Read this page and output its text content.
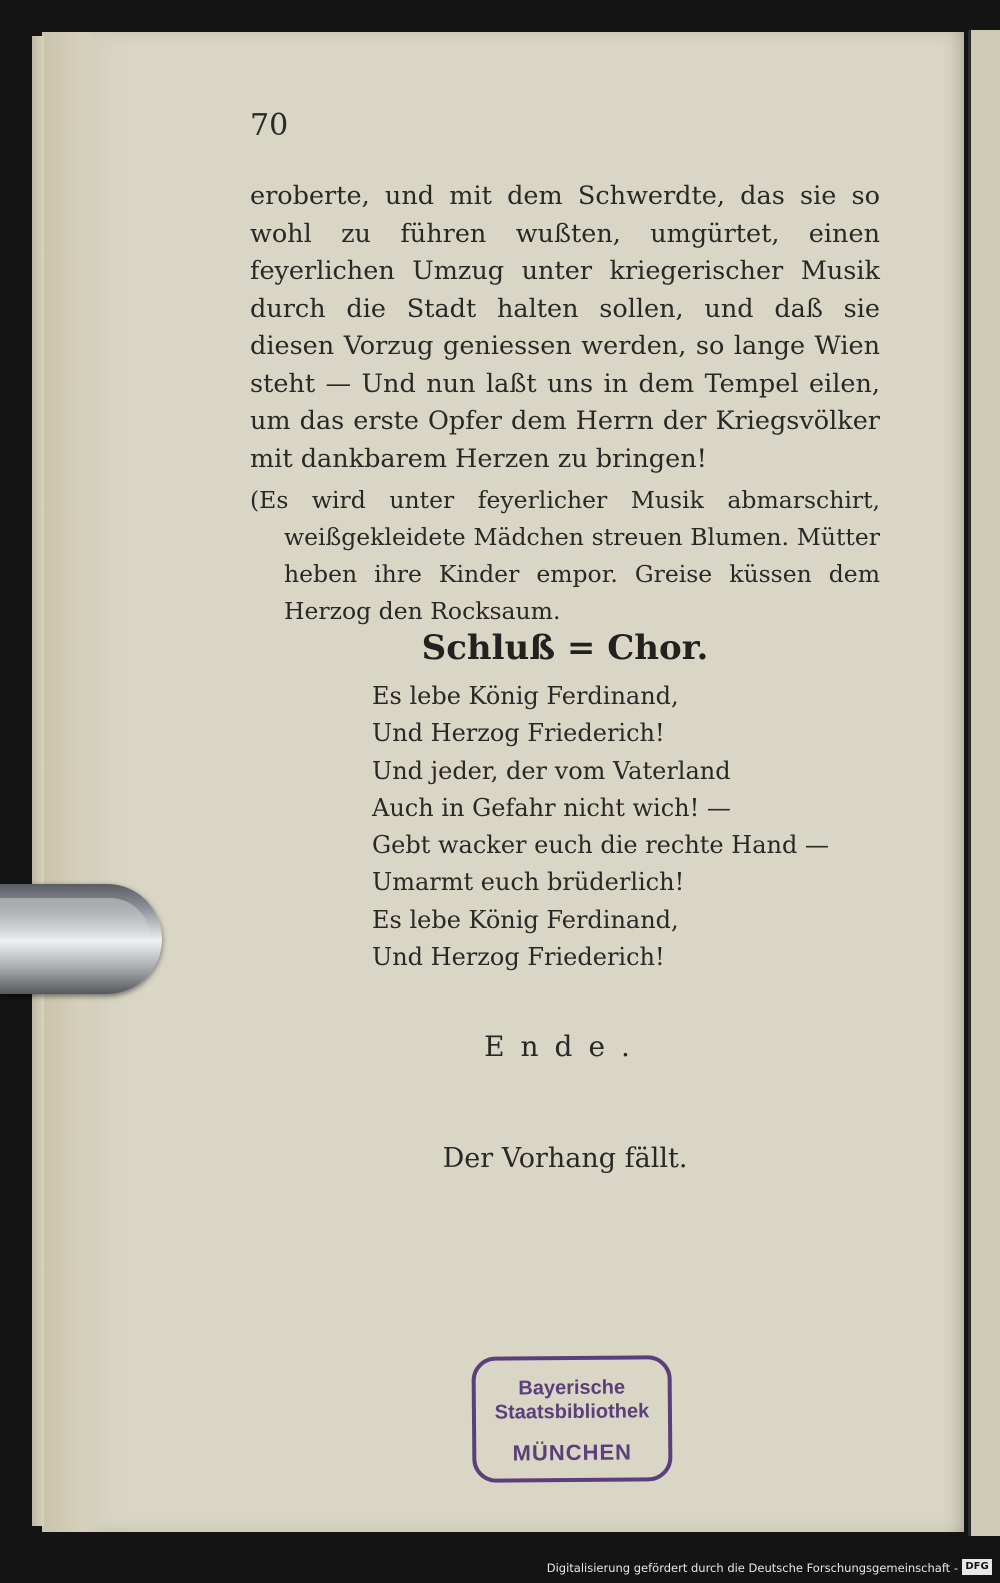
70
eroberte, und mit dem Schwerdte, das sie so wohl zu führen wußten, umgürtet, einen feyerlichen Umzug unter kriegerischer Musik durch die Stadt halten sollen, und daß sie diesen Vorzug geniessen werden, so lange Wien steht — Und nun laßt uns in dem Tempel eilen, um das erste Opfer dem Herrn der Kriegsvölker mit dankbarem Herzen zu bringen!
(Es wird unter feyerlicher Musik abmarschirt, weißgekleidete Mädchen streuen Blumen. Mütter heben ihre Kinder empor. Greise küssen dem Herzog den Rocksaum.
Schluß = Chor.
Es lebe König Ferdinand,
Und Herzog Friederich!
Und jeder, der vom Vaterland
Auch in Gefahr nicht wich! —
Gebt wacker euch die rechte Hand —
Umarmt euch brüderlich!
Es lebe König Ferdinand,
Und Herzog Friederich!
Ende.
Der Vorhang fällt.
Bayerische
Staatsbibliothek
MÜNCHEN
Digitalisierung gefördert durch die Deutsche Forschungsgemeinschaft - DFG
